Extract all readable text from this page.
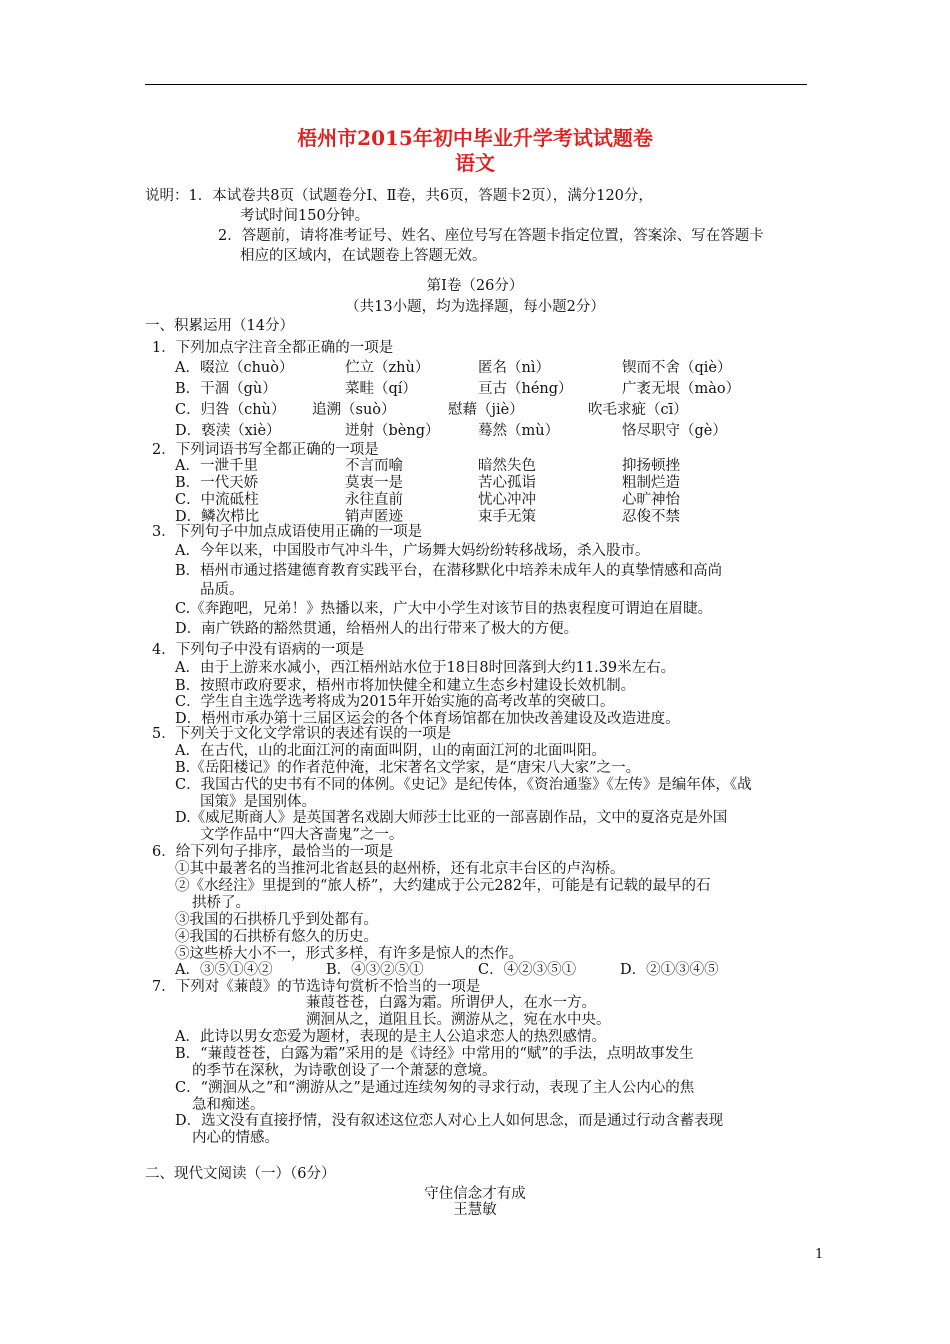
梧州市2015年初中毕业升学考试试题卷
语文
说明：1．本试卷共8页（试题卷分Ⅰ、Ⅱ卷，共6页，答题卡2页），满分120分，
考试时间150分钟。
2．答题前，请将准考证号、姓名、座位号写在答题卡指定位置，答案涂、写在答题卡
相应的区域内，在试题卷上答题无效。
第Ⅰ卷（26分）
（共13小题，均为选择题，每小题2分）
一、积累运用（14分）
1．下列加点字注音全都正确的一项是
A．啜泣（chuò）	伫立（zhù）	匿名（nì）	锲而不舍（qiè）
B．干涸（gù）	菜畦（qí）	亘古（héng）	广袤无垠（mào）
C．归咎（chù） 追溯（suò）	慰藉（jiè）	吹毛求疵（cī）
D．亵渎（xiè）	迸射（bèng）	蓦然（mù）	恪尽职守（gè）
2．下列词语书写全都正确的一项是
A．一泄千里	不言而喻	暗然失色	抑扬顿挫
B．一代天娇	莫衷一是	苦心孤诣	粗制烂造
C．中流砥柱	永往直前	忧心冲冲	心旷神怡
D．鳞次栉比	销声匿迹	束手无策	忍俊不禁
3．下列句子中加点成语使用正确的一项是
A．今年以来，中国股市气冲斗牛，广场舞大妈纷纷转移战场，杀入股市。
B．梧州市通过搭建德育教育实践平台，在潜移默化中培养未成年人的真挚情感和高尚
品质。
C.《奔跑吧，兄弟！》热播以来，广大中小学生对该节目的热衷程度可谓迫在眉睫。
D．南广铁路的豁然贯通，给梧州人的出行带来了极大的方便。
4．下列句子中没有语病的一项是
A．由于上游来水减小，西江梧州站水位于18日8时回落到大约11.39米左右。
B．按照市政府要求，梧州市将加快健全和建立生态乡村建设长效机制。
C．学生自主选学选考将成为2015年开始实施的高考改革的突破口。
D．梧州市承办第十三届区运会的各个体育场馆都在加快改善建设及改造进度。
5．下列关于文化文学常识的表述有误的一项是
A．在古代，山的北面江河的南面叫阴，山的南面江河的北面叫阳。
B.《岳阳楼记》的作者范仲淹，北宋著名文学家，是“唐宋八大家”之一。
C．我国古代的史书有不同的体例。《史记》是纪传体，《资治通鉴》《左传》是编年体，《战
国策》是国别体。
D.《威尼斯商人》是英国著名戏剧大师莎士比亚的一部喜剧作品，文中的夏洛克是外国
文学作品中“四大吝啬鬼”之一。
6．给下列句子排序，最恰当的一项是
①其中最著名的当推河北省赵县的赵州桥，还有北京丰台区的卢沟桥。
②《水经注》里提到的“旅人桥”，大约建成于公元282年，可能是有记载的最早的石
拱桥了。
③我国的石拱桥几乎到处都有。
④我国的石拱桥有悠久的历史。
⑤这些桥大小不一，形式多样，有许多是惊人的杰作。
A．③⑤①④②	B．④③②⑤①	C．④②③⑤①	D．②①③④⑤
7．下列对《蒹葭》的节选诗句赏析不恰当的一项是
蒹葭苍苍，白露为霜。所谓伊人，在水一方。
溯洄从之，道阻且长。溯游从之，宛在水中央。
A．此诗以男女恋爱为题材，表现的是主人公追求恋人的热烈感情。
B．“蒹葭苍苍，白露为霜”采用的是《诗经》中常用的“赋”的手法，点明故事发生
的季节在深秋，为诗歌创设了一个萧瑟的意境。
C．“溯洄从之”和“溯游从之”是通过连续匆匆的寻求行动，表现了主人公内心的焦
急和痴迷。
D．选文没有直接抒情，没有叙述这位恋人对心上人如何思念，而是通过行动含蓄表现
内心的情感。
二、现代文阅读（一）（6分）
守住信念才有成
王慧敏
1
